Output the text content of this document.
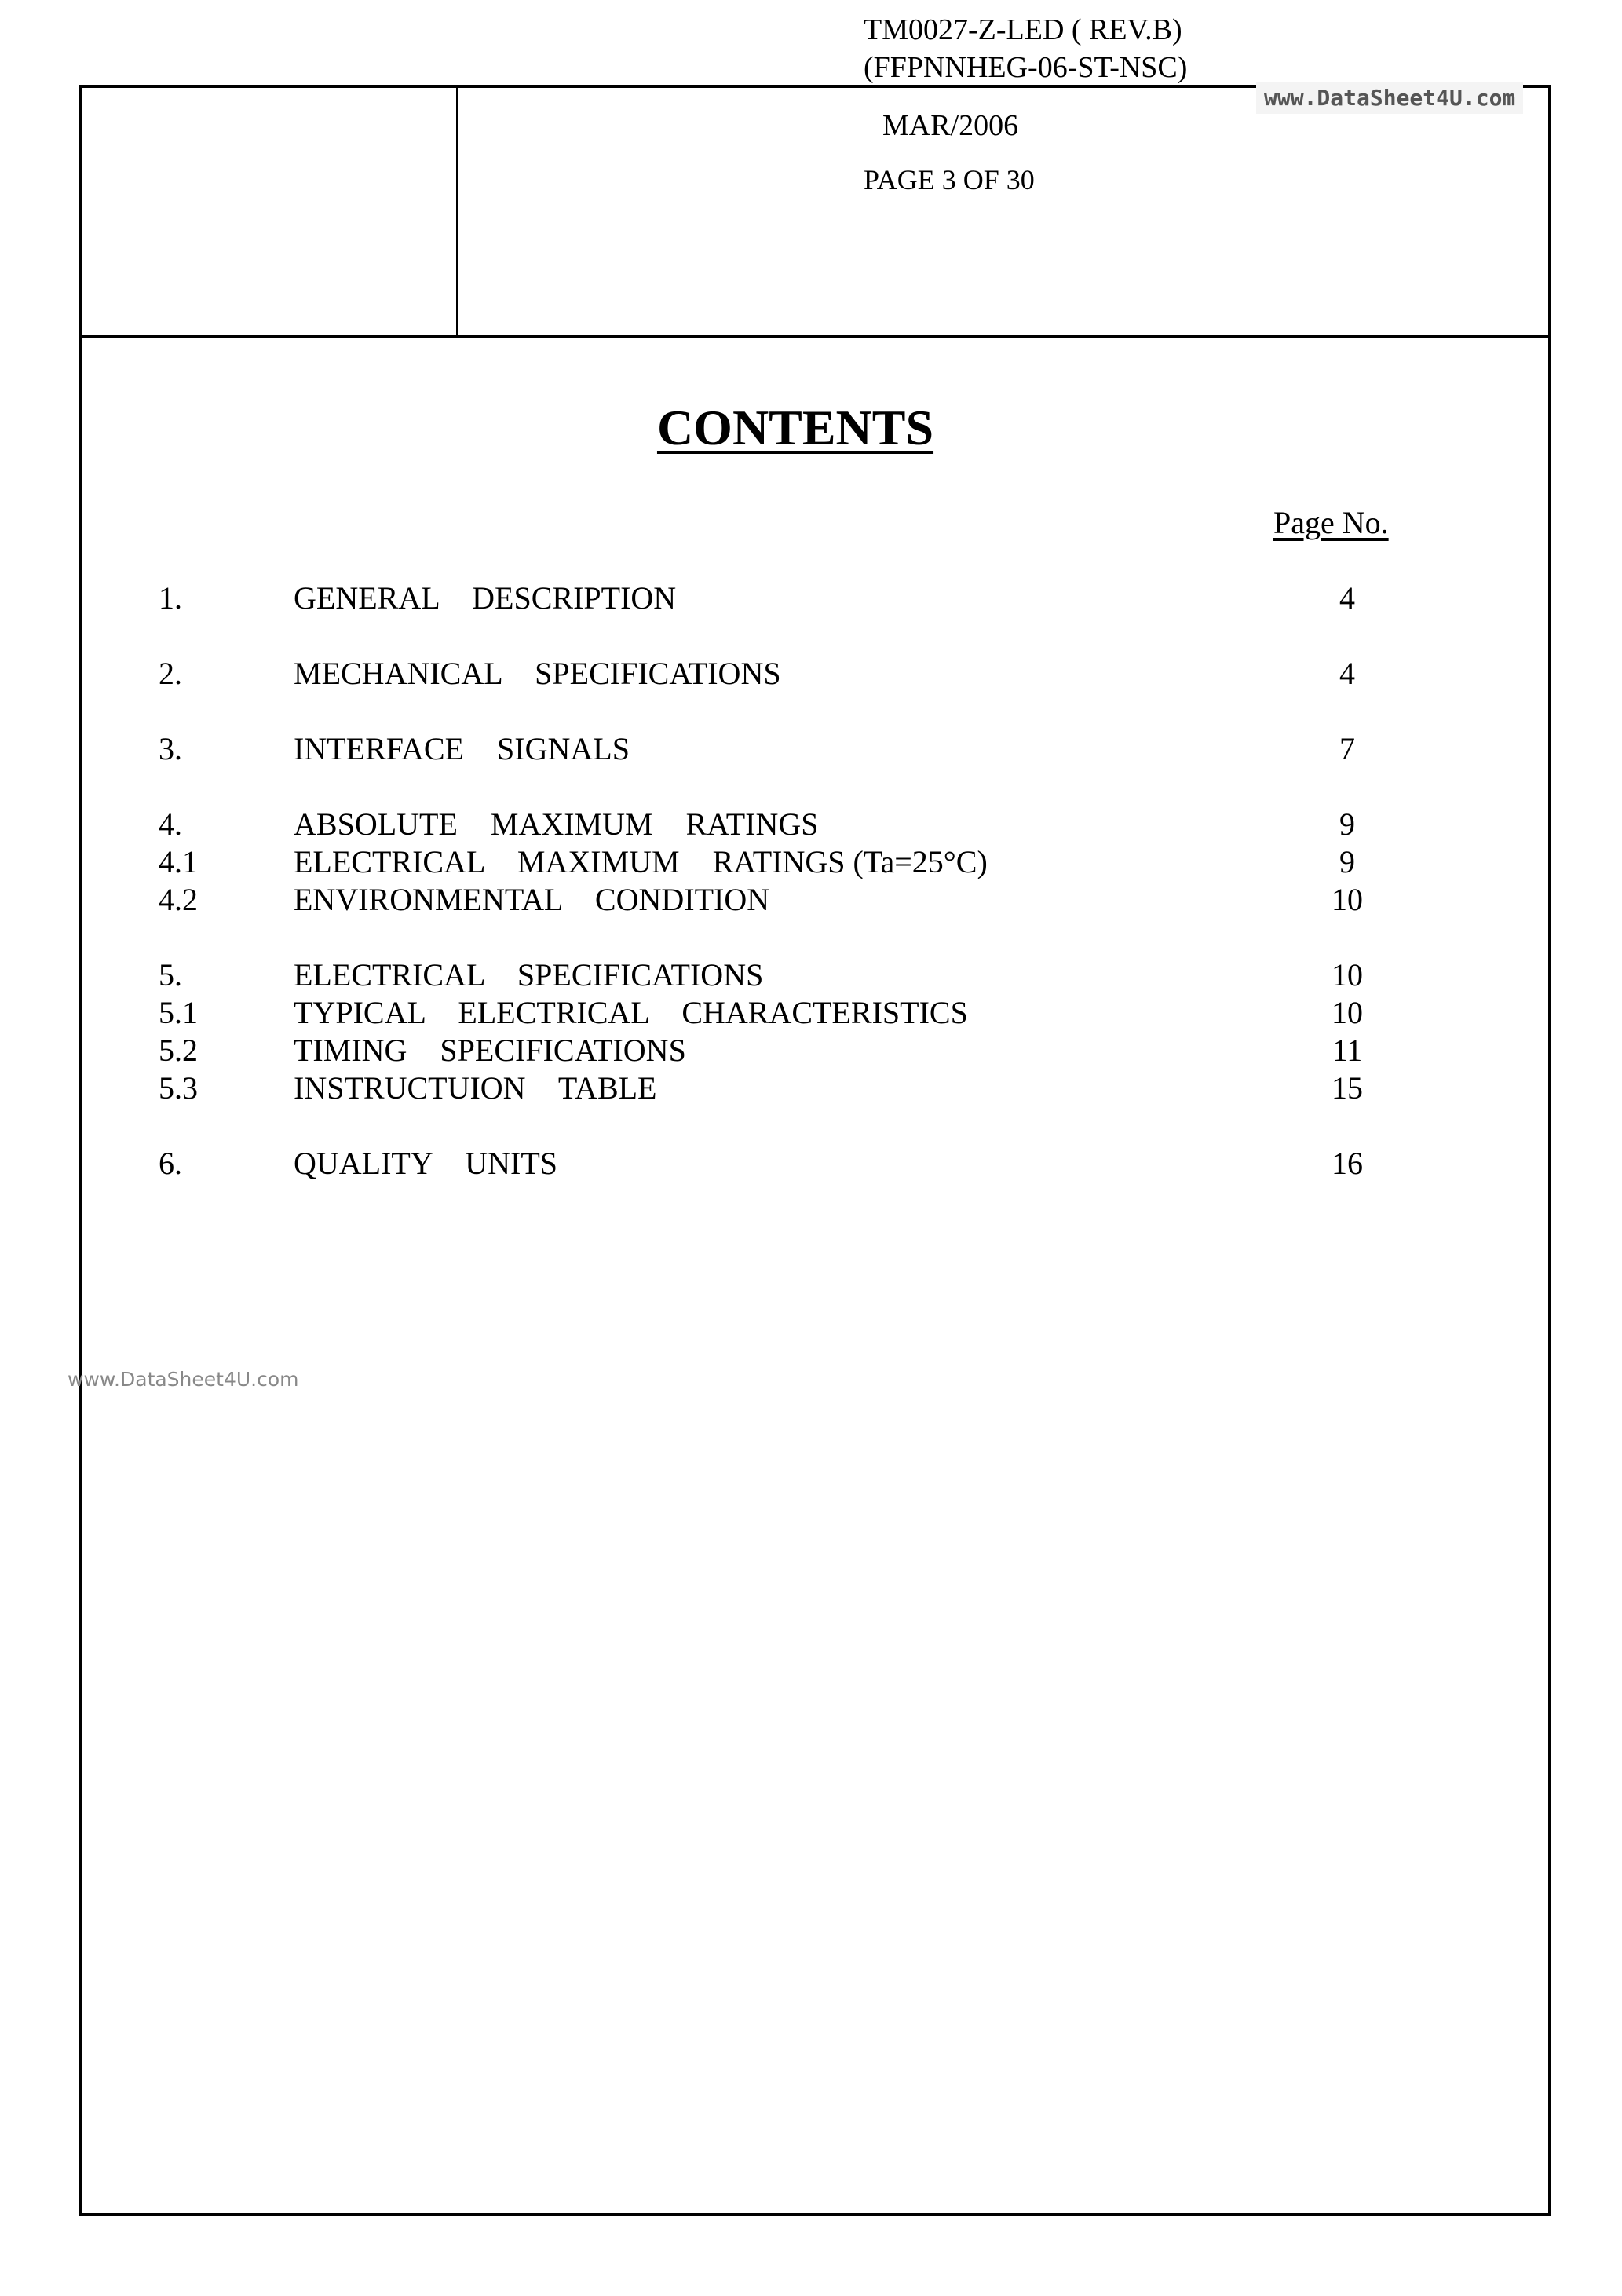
TM0027-Z-LED ( REV.B)
(FFPNNHEG-06-ST-NSC)
MAR/2006
PAGE 3 OF 30
www.DataSheet4U.com
www.DataSheet4U.com
CONTENTS
Page No.
1.	GENERAL DESCRIPTION	4
2.	MECHANICAL SPECIFICATIONS	4
3.	INTERFACE SIGNALS	7
4.	ABSOLUTE MAXIMUM RATINGS	9
4.1	ELECTRICAL MAXIMUM RATINGS (Ta=25°C)	9
4.2	ENVIRONMENTAL CONDITION	10
5.	ELECTRICAL SPECIFICATIONS	10
5.1	TYPICAL ELECTRICAL CHARACTERISTICS	10
5.2	TIMING SPECIFICATIONS	11
5.3	INSTRUCTUION TABLE	15
6.	QUALITY UNITS	16
